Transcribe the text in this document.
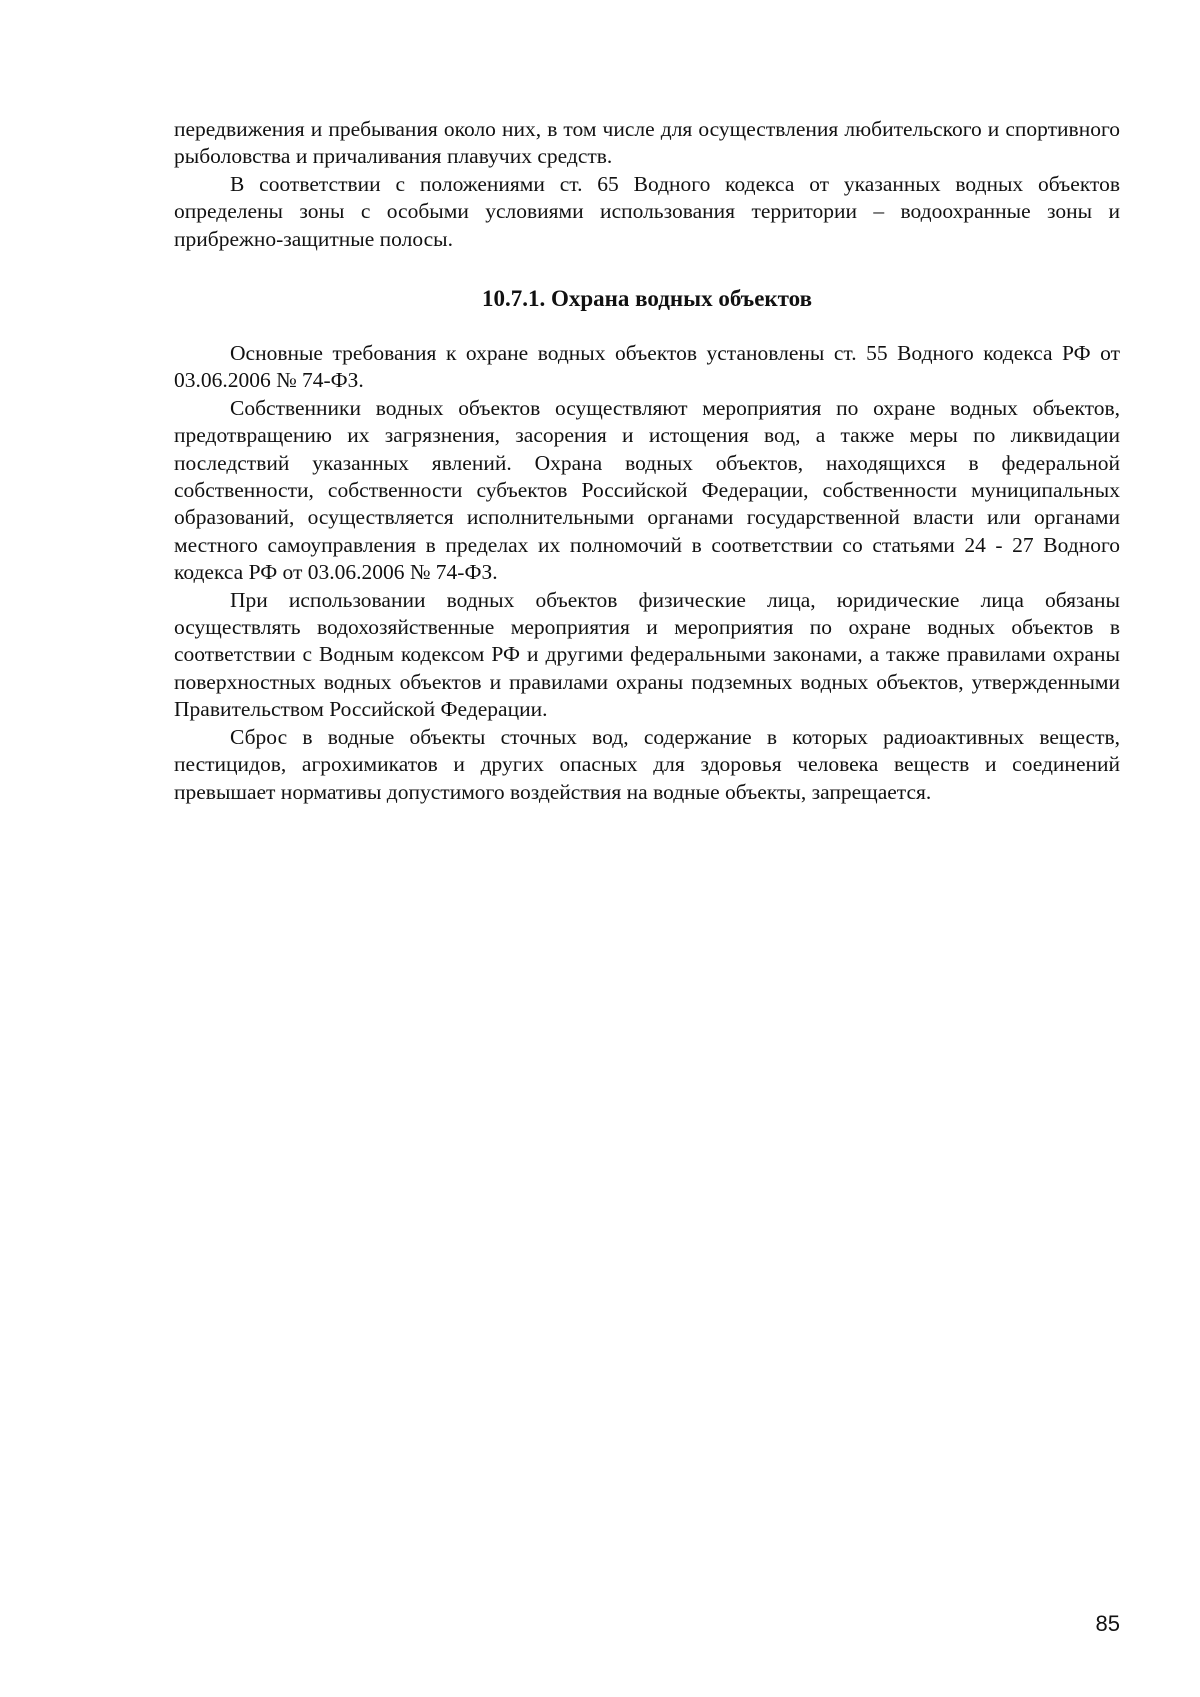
передвижения и пребывания около них, в том числе для осуществления любительского и спортивного рыболовства и причаливания плавучих средств.

В соответствии с положениями ст. 65 Водного кодекса от указанных водных объектов определены зоны с особыми условиями использования территории – водоохранные зоны и прибрежно-защитные полосы.

10.7.1. Охрана водных объектов

Основные требования к охране водных объектов установлены ст. 55 Водного кодекса РФ от 03.06.2006 № 74-ФЗ.

Собственники водных объектов осуществляют мероприятия по охране водных объектов, предотвращению их загрязнения, засорения и истощения вод, а также меры по ликвидации последствий указанных явлений. Охрана водных объектов, находящихся в федеральной собственности, собственности субъектов Российской Федерации, собственности муниципальных образований, осуществляется исполнительными органами государственной власти или органами местного самоуправления в пределах их полномочий в соответствии со статьями 24 - 27 Водного кодекса РФ от 03.06.2006 № 74-ФЗ.

При использовании водных объектов физические лица, юридические лица обязаны осуществлять водохозяйственные мероприятия и мероприятия по охране водных объектов в соответствии с Водным кодексом РФ и другими федеральными законами, а также правилами охраны поверхностных водных объектов и правилами охраны подземных водных объектов, утвержденными Правительством Российской Федерации.

Сброс в водные объекты сточных вод, содержание в которых радиоактивных веществ, пестицидов, агрохимикатов и других опасных для здоровья человека веществ и соединений превышает нормативы допустимого воздействия на водные объекты, запрещается.

85
